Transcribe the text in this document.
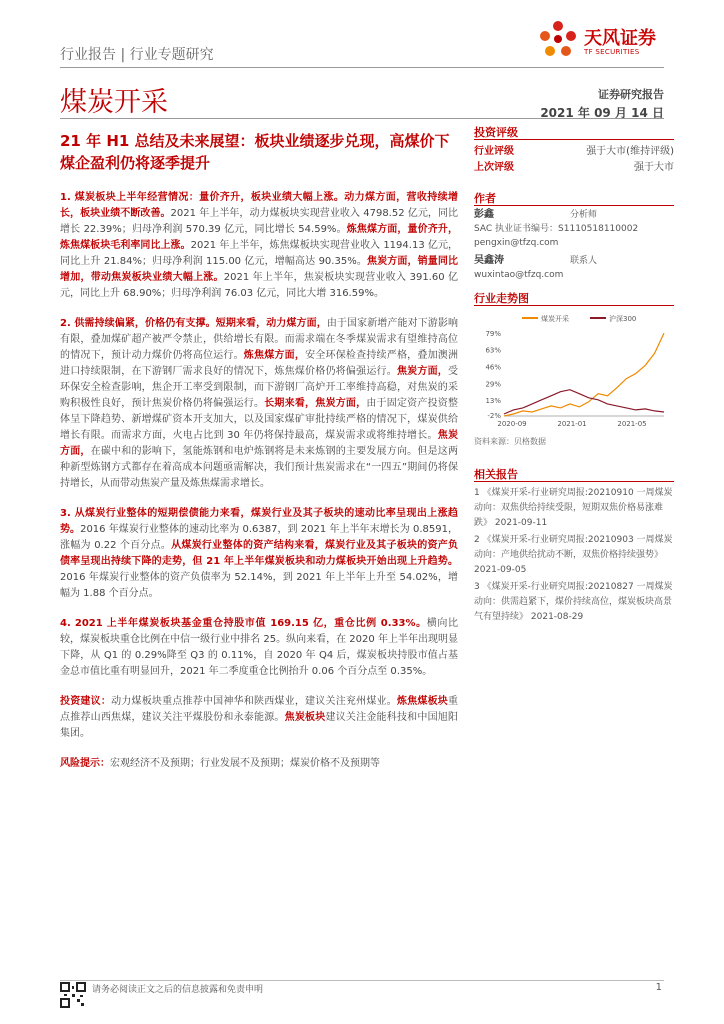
行业报告 | 行业专题研究
天风证券
TF SECURITIES
煤炭开采	证券研究报告
2021 年 09 月 14 日
21 年 H1 总结及未来展望：板块业绩逐步兑现，高煤价下煤企盈利仍将逐季提升

1. 煤炭板块上半年经营情况：量价齐升，板块业绩大幅上涨。动力煤方面，营收持续增长，板块业绩不断改善。2021 年上半年，动力煤板块实现营业收入 4798.52 亿元，同比增长 22.39%；归母净利润 570.39 亿元，同比增长 54.59%。炼焦煤方面，量价齐升，炼焦煤板块毛利率同比上涨。2021 年上半年，炼焦煤板块实现营业收入 1194.13 亿元，同比上升 21.84%；归母净利润 115.00 亿元，增幅高达 90.35%。焦炭方面，销量同比增加，带动焦炭板块业绩大幅上涨。2021 年上半年，焦炭板块实现营业收入 391.60 亿元，同比上升 68.90%；归母净利润 76.03 亿元，同比大增 316.59%。

2. 供需持续偏紧，价格仍有支撑。短期来看，动力煤方面，由于国家新增产能对下游影响有限，叠加煤矿超产被严令禁止，供给增长有限。而需求端在冬季煤炭需求有望维持高位的情况下，预计动力煤价仍将高位运行。炼焦煤方面，安全环保检查持续严格，叠加澳洲进口持续限制，在下游钢厂需求良好的情况下，炼焦煤价格仍将偏强运行。焦炭方面，受环保安全检查影响，焦企开工率受到限制，而下游钢厂高炉开工率维持高稳，对焦炭的采购积极性良好，预计焦炭价格仍将偏强运行。长期来看，焦炭方面，由于固定资产投资整体呈下降趋势、新增煤矿资本开支加大，以及国家煤矿审批持续严格的情况下，煤炭供给增长有限。而需求方面，火电占比到 30 年仍将保持最高，煤炭需求或将维持增长。焦炭方面，在碳中和的影响下，氢能炼钢和电炉炼钢将是未来炼钢的主要发展方向。但是这两种新型炼钢方式都存在着高成本问题亟需解决，我们预计焦炭需求在“一四五”期间仍将保持增长，从而带动焦炭产量及炼焦煤需求增长。

3. 从煤炭行业整体的短期偿债能力来看，煤炭行业及其子板块的速动比率呈现出上涨趋势。2016 年煤炭行业整体的速动比率为 0.6387，到 2021 年上半年末增长为 0.8591，涨幅为 0.22 个百分点。从煤炭行业整体的资产结构来看，煤炭行业及其子板块的资产负债率呈现出持续下降的走势，但 21 年上半年煤炭板块和动力煤板块开始出现上升趋势。2016 年煤炭行业整体的资产负债率为 52.14%，到 2021 年上半年上升至 54.02%，增幅为 1.88 个百分点。

4. 2021 上半年煤炭板块基金重仓持股市值 169.15 亿，重仓比例 0.33%。横向比较，煤炭板块重仓比例在中信一级行业中排名 25。纵向来看，在 2020 年上半年出现明显下降，从 Q1 的 0.29%降至 Q3 的 0.11%，自 2020 年 Q4 后，煤炭板块持股市值占基金总市值比重有明显回升，2021 年二季度重仓比例抬升 0.06 个百分点至 0.35%。

投资建议：动力煤板块重点推荐中国神华和陕西煤业，建议关注兖州煤业。炼焦煤板块重点推荐山西焦煤，建议关注平煤股份和永泰能源。焦炭板块建议关注金能科技和中国旭阳集团。

风险提示：宏观经济不及预期；行业发展不及预期；煤炭价格不及预期等

投资评级
行业评级	强于大市(维持评级)
上次评级	强于大市
作者
彭鑫	分析师

SAC 执业证书编号：S1110518110002
pengxin@tfzq.com
吴鑫涛	联系人

wuxintao@tfzq.com
行业走势图
煤炭开采	沪深300
-2%
13%
29%
46%
63%
79%
2020-09	2021-01	2021-05
资料来源：贝格数据
相关报告
1 《煤炭开采-行业研究周报:20210910 一周煤炭动向：双焦供给持续受限，短期双焦价格易涨难跌》 2021-09-11
2 《煤炭开采-行业研究周报:20210903 一周煤炭动向：产地供给扰动不断，双焦价格持续强势》 2021-09-05
3 《煤炭开采-行业研究周报:20210827 一周煤炭动向：供需趋紧下，煤价持续高位，煤炭板块高景气有望持续》 2021-08-29
请务必阅读正文之后的信息披露和免责申明	1
